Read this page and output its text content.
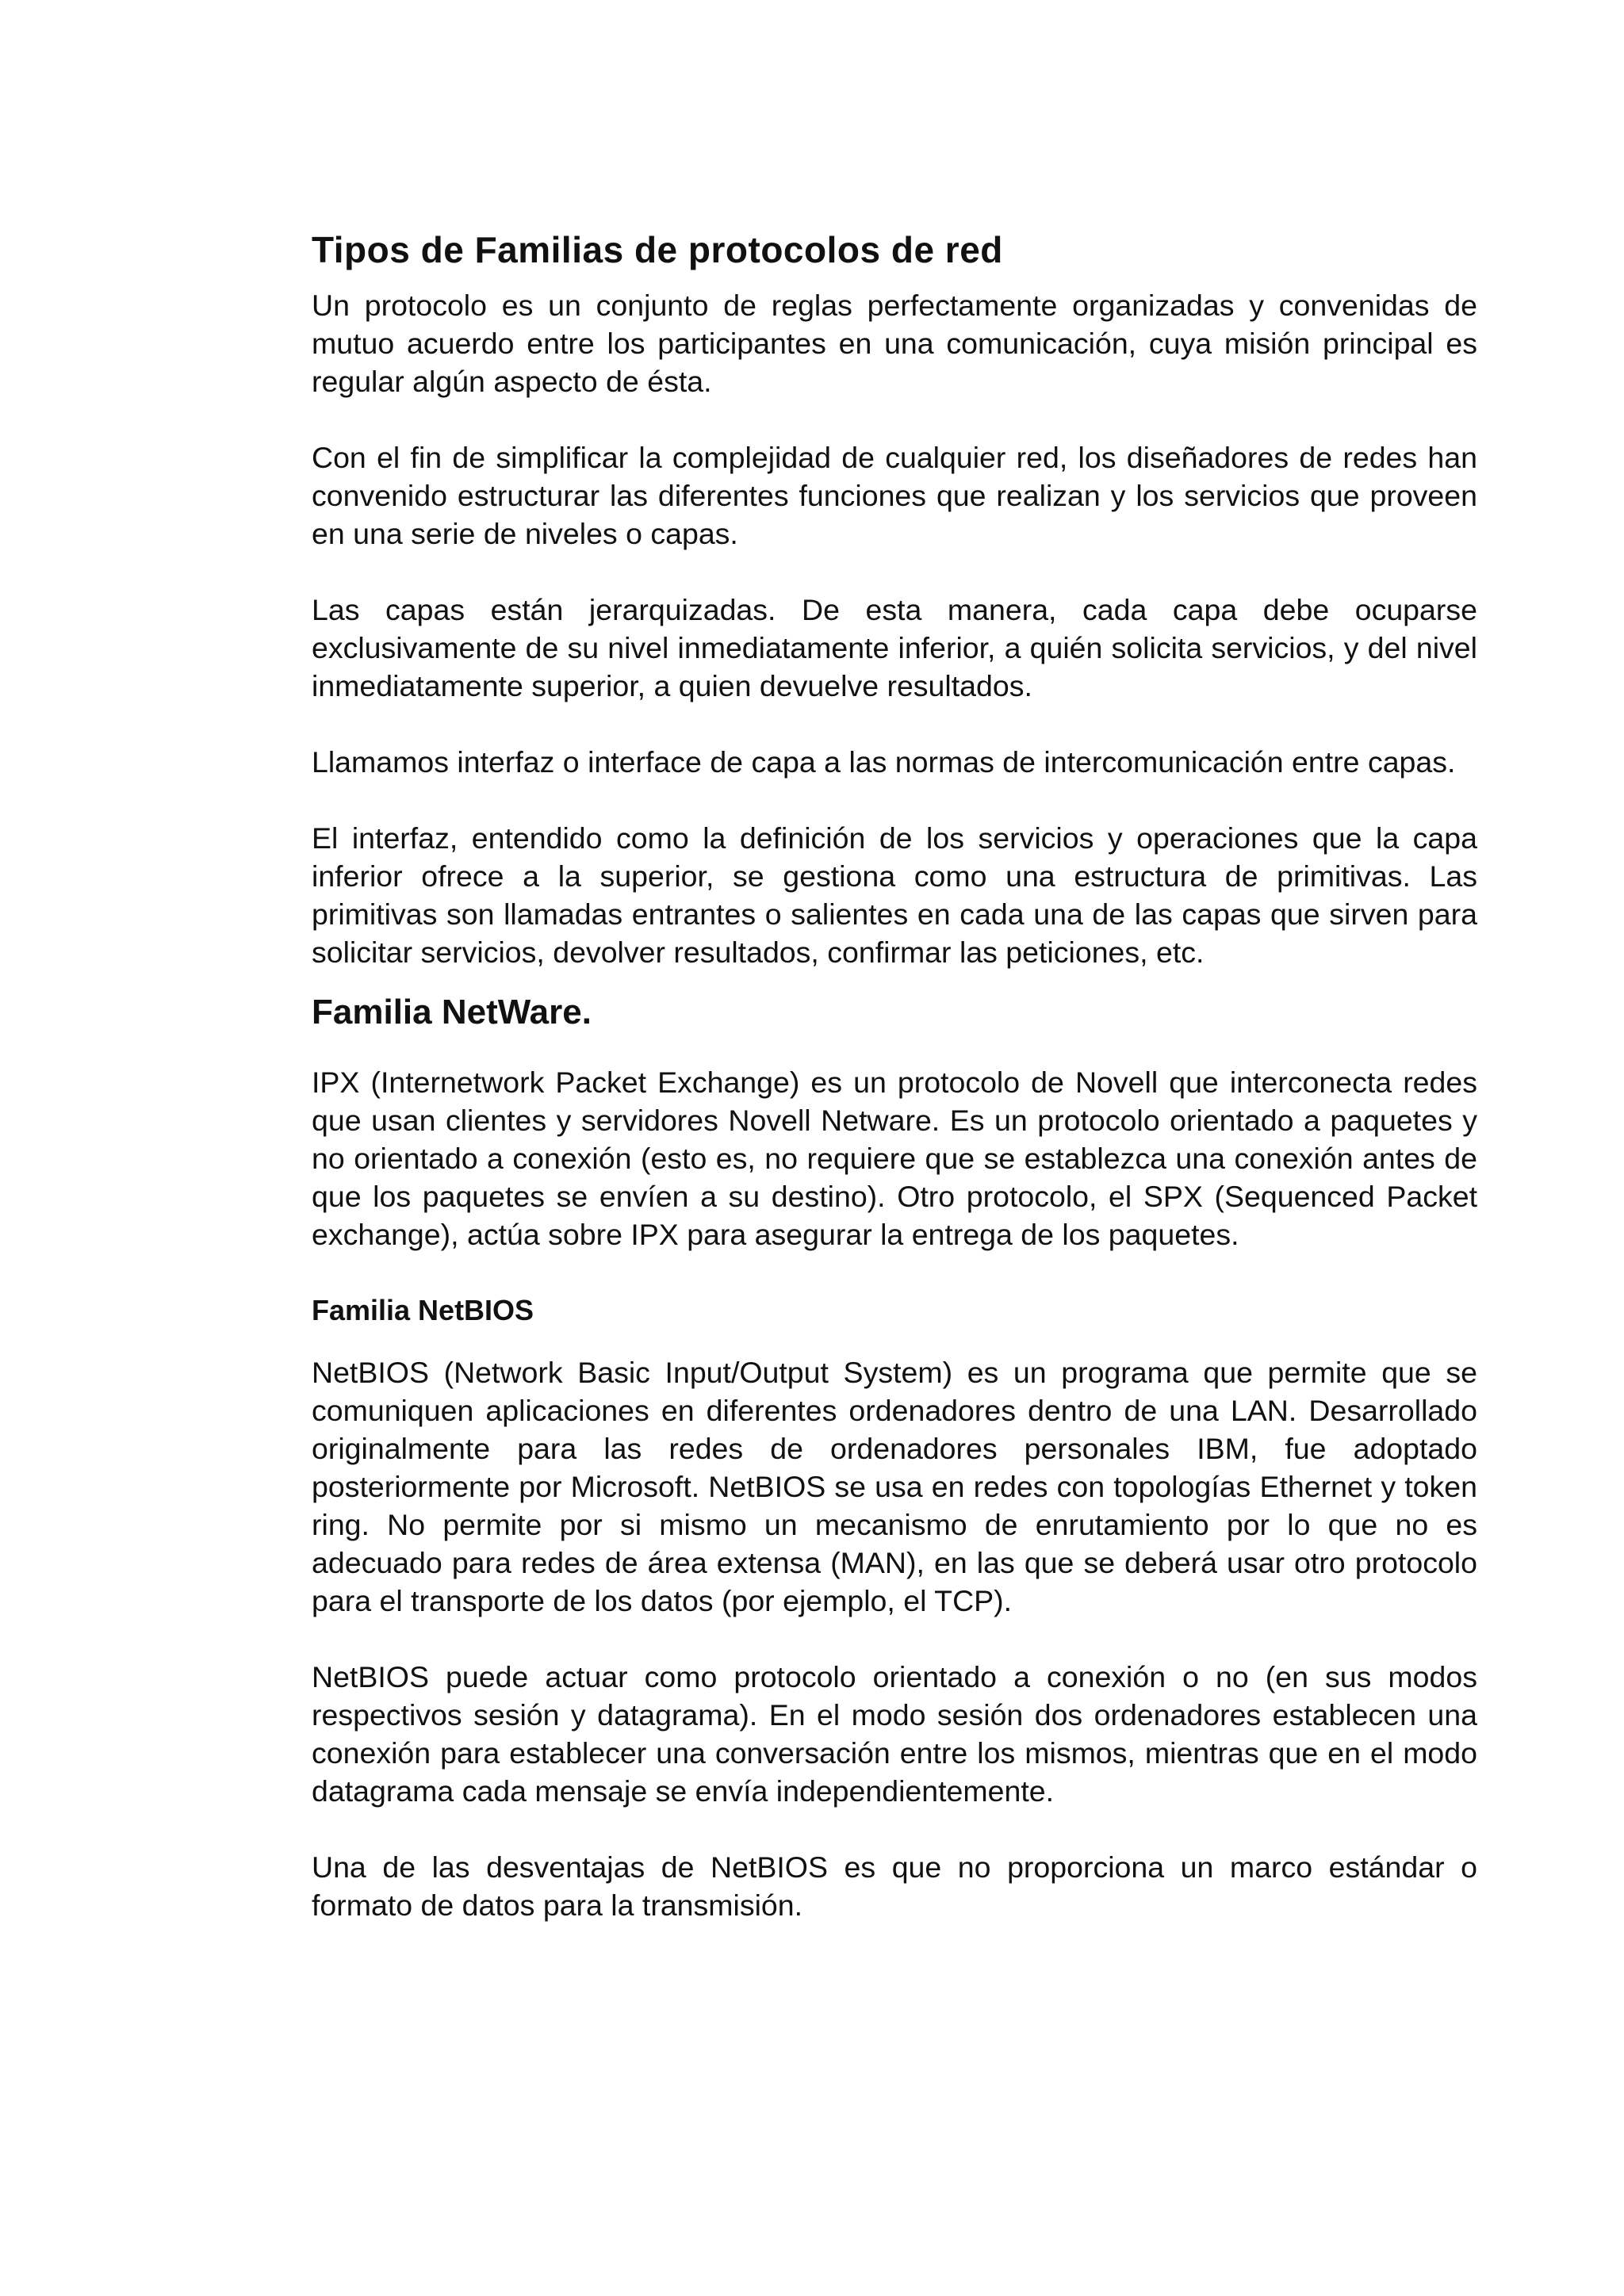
Tipos de Familias de protocolos de red

Un protocolo es un conjunto de reglas perfectamente organizadas y convenidas de mutuo acuerdo entre los participantes en una comunicación, cuya misión principal es regular algún aspecto de ésta.

Con el fin de simplificar la complejidad de cualquier red, los diseñadores de redes han convenido estructurar las diferentes funciones que realizan y los servicios que proveen en una serie de niveles o capas.

Las capas están jerarquizadas. De esta manera, cada capa debe ocuparse exclusivamente de su nivel inmediatamente inferior, a quién solicita servicios, y del nivel inmediatamente superior, a quien devuelve resultados.

Llamamos interfaz o interface de capa a las normas de intercomunicación entre capas.

El interfaz, entendido como la definición de los servicios y operaciones que la capa inferior ofrece a la superior, se gestiona como una estructura de primitivas. Las primitivas son llamadas entrantes o salientes en cada una de las capas que sirven para solicitar servicios, devolver resultados, confirmar las peticiones, etc.

Familia NetWare.

IPX (Internetwork Packet Exchange) es un protocolo de Novell que interconecta redes que usan clientes y servidores Novell Netware. Es un protocolo orientado a paquetes y no orientado a conexión (esto es, no requiere que se establezca una conexión antes de que los paquetes se envíen a su destino). Otro protocolo, el SPX (Sequenced Packet exchange), actúa sobre IPX para asegurar la entrega de los paquetes.

Familia NetBIOS

NetBIOS (Network Basic Input/Output System) es un programa que permite que se comuniquen aplicaciones en diferentes ordenadores dentro de una LAN. Desarrollado originalmente para las redes de ordenadores personales IBM, fue adoptado posteriormente por Microsoft. NetBIOS se usa en redes con topologías Ethernet y token ring. No permite por si mismo un mecanismo de enrutamiento por lo que no es adecuado para redes de área extensa (MAN), en las que se deberá usar otro protocolo para el transporte de los datos (por ejemplo, el TCP).

NetBIOS puede actuar como protocolo orientado a conexión o no (en sus modos respectivos sesión y datagrama). En el modo sesión dos ordenadores establecen una conexión para establecer una conversación entre los mismos, mientras que en el modo datagrama cada mensaje se envía independientemente.

Una de las desventajas de NetBIOS es que no proporciona un marco estándar o formato de datos para la transmisión.
